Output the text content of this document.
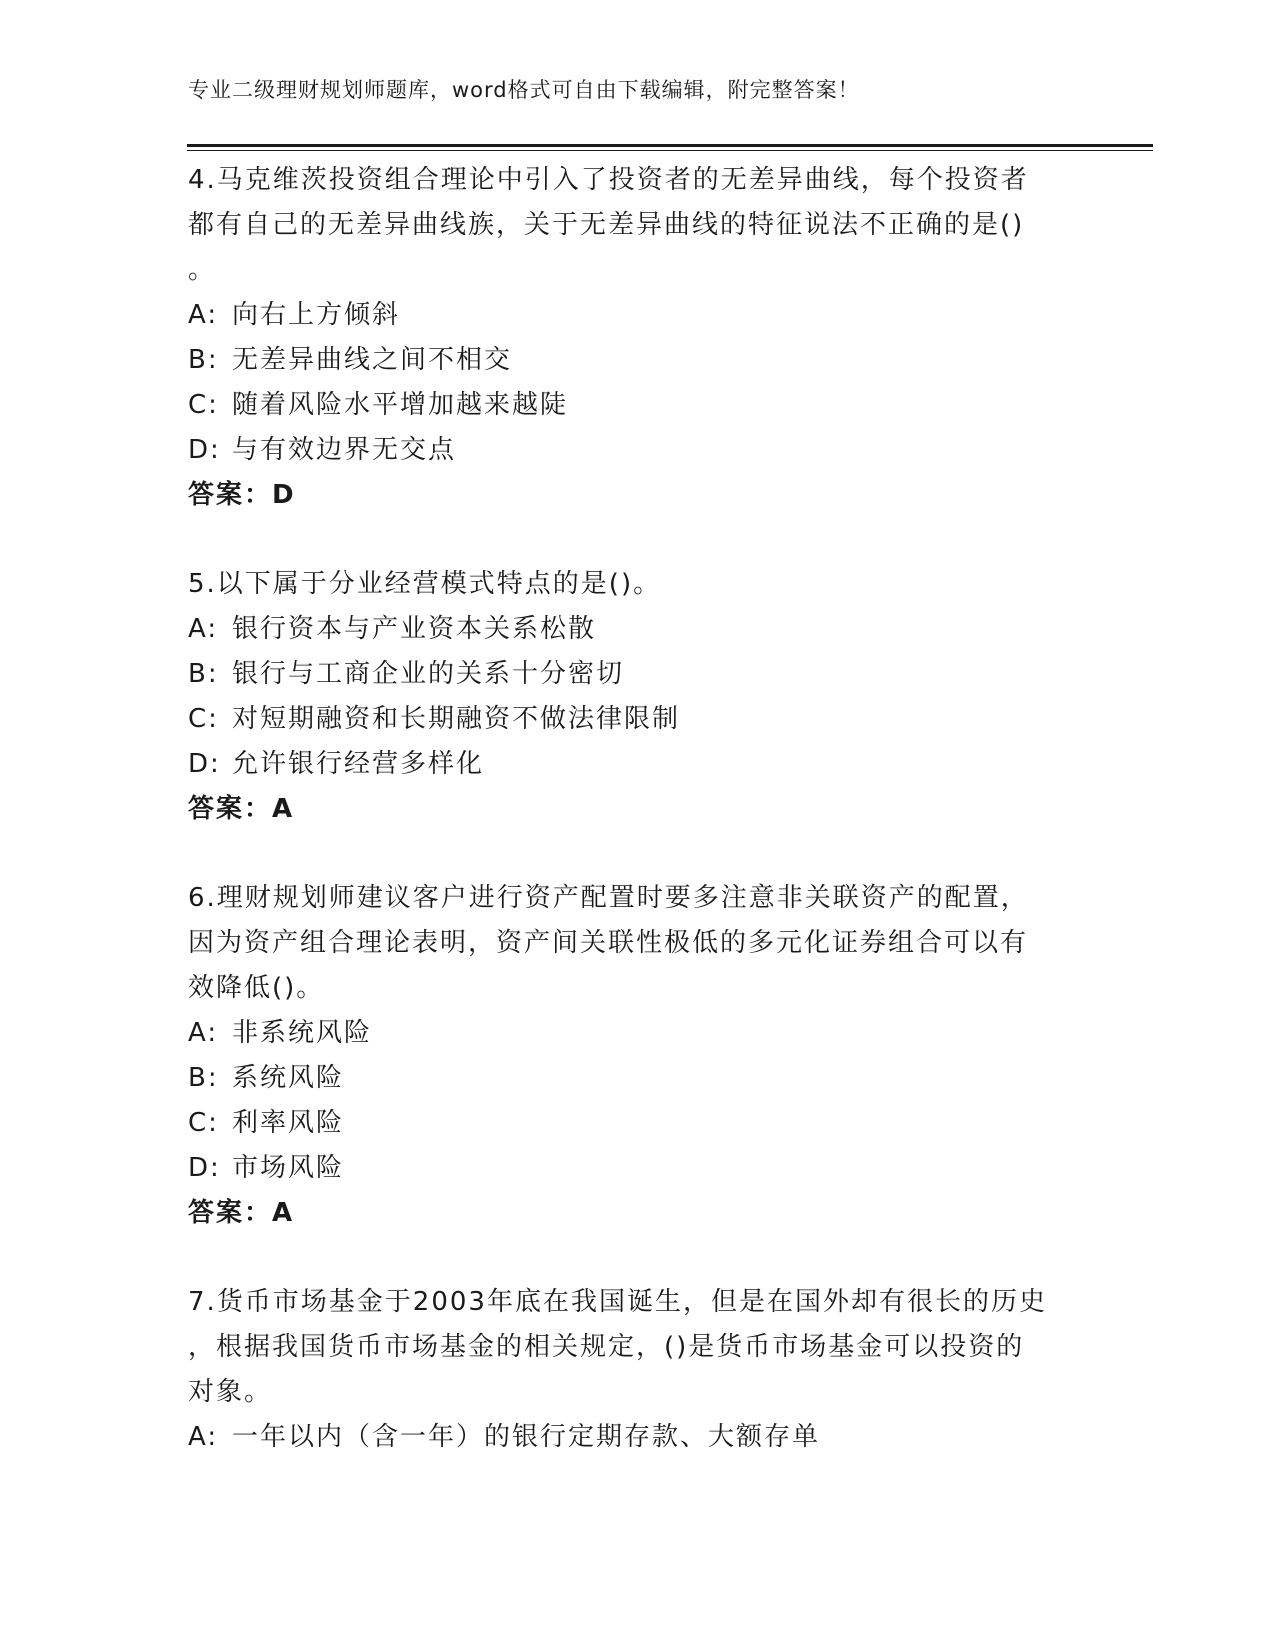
专业二级理财规划师题库，word格式可自由下载编辑，附完整答案！
4.马克维茨投资组合理论中引入了投资者的无差异曲线，每个投资者
都有自己的无差异曲线族，关于无差异曲线的特征说法不正确的是()
。
A: 向右上方倾斜
B: 无差异曲线之间不相交
C: 随着风险水平增加越来越陡
D: 与有效边界无交点
答案：D
5.以下属于分业经营模式特点的是()。
A: 银行资本与产业资本关系松散
B: 银行与工商企业的关系十分密切
C: 对短期融资和长期融资不做法律限制
D: 允许银行经营多样化
答案：A
6.理财规划师建议客户进行资产配置时要多注意非关联资产的配置，
因为资产组合理论表明，资产间关联性极低的多元化证券组合可以有
效降低()。
A: 非系统风险
B: 系统风险
C: 利率风险
D: 市场风险
答案：A
7.货币市场基金于2003年底在我国诞生，但是在国外却有很长的历史
，根据我国货币市场基金的相关规定，()是货币市场基金可以投资的
对象。
A: 一年以内（含一年）的银行定期存款、大额存单
